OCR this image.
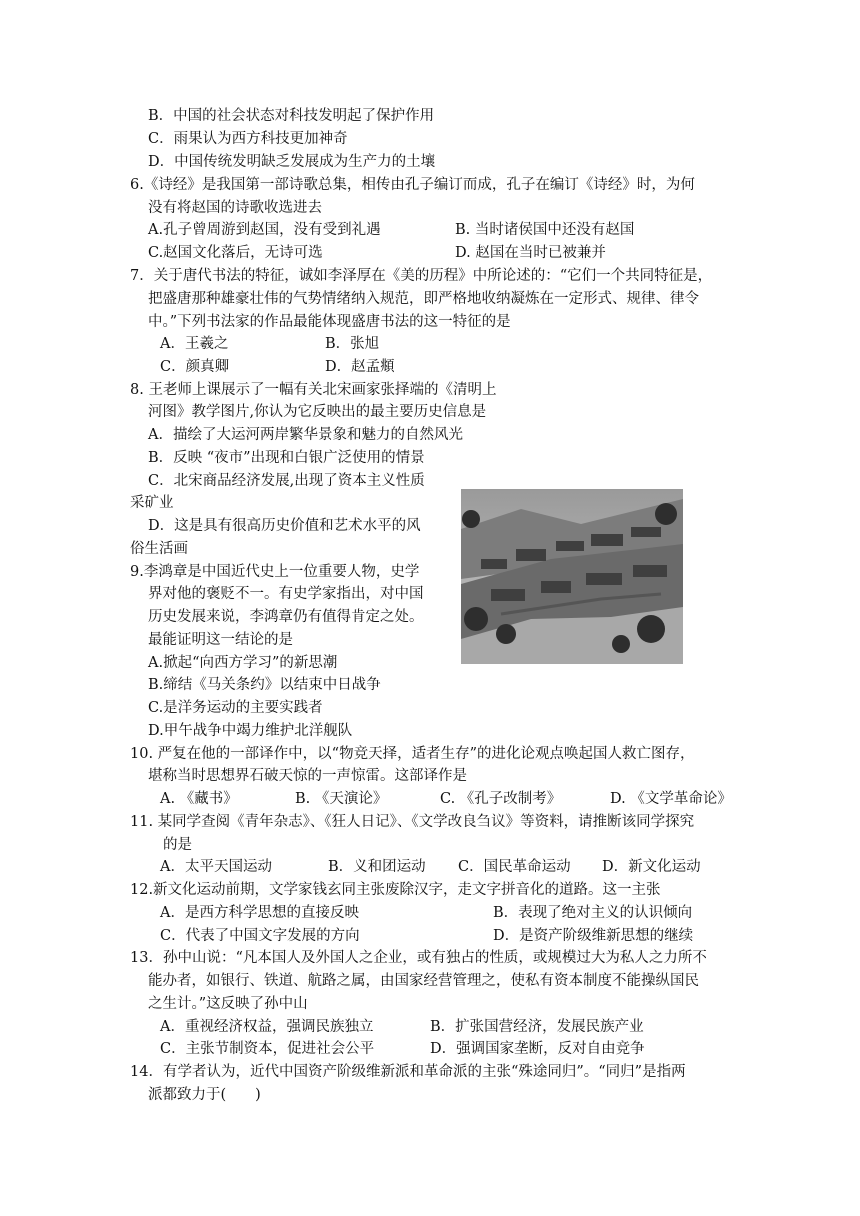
B．中国的社会状态对科技发明起了保护作用
C．雨果认为西方科技更加神奇
D．中国传统发明缺乏发展成为生产力的土壤
6.《诗经》是我国第一部诗歌总集，相传由孔子编订而成，孔子在编订《诗经》时，为何
没有将赵国的诗歌收选进去
A.孔子曾周游到赵国，没有受到礼遇	B. 当时诸侯国中还没有赵国
C.赵国文化落后，无诗可选	D. 赵国在当时已被兼并
7．关于唐代书法的特征，诚如李泽厚在《美的历程》中所论述的：“它们一个共同特征是，
把盛唐那种雄豪壮伟的气势情绪纳入规范，即严格地收纳凝炼在一定形式、规律、律令
中。”下列书法家的作品最能体现盛唐书法的这一特征的是
A．王羲之	B．张旭
C．颜真卿	D．赵孟頫
8. 王老师上课展示了一幅有关北宋画家张择端的《清明上
河图》教学图片,你认为它反映出的最主要历史信息是
A．描绘了大运河两岸繁华景象和魅力的自然风光
B．反映 “夜市”出现和白银广泛使用的情景
C．北宋商品经济发展,出现了资本主义性质
采矿业
D．这是具有很高历史价值和艺术水平的风
俗生活画
9.李鸿章是中国近代史上一位重要人物，史学
界对他的褒贬不一。有史学家指出，对中国
历史发展来说，李鸿章仍有值得肯定之处。
最能证明这一结论的是
A.掀起“向西方学习”的新思潮
B.缔结《马关条约》以结束中日战争
C.是洋务运动的主要实践者
D.甲午战争中竭力维护北洋舰队
10. 严复在他的一部译作中，以“物竞天择，适者生存”的进化论观点唤起国人救亡图存，
堪称当时思想界石破天惊的一声惊雷。这部译作是
A. 《藏书》	B. 《天演论》	C. 《孔子改制考》	D. 《文学革命论》
11. 某同学查阅《青年杂志》、《狂人日记》、《文学改良刍议》等资料，请推断该同学探究
的是
A．太平天国运动	B．义和团运动 C．国民革命运动 D．新文化运动
12.新文化运动前期，文学家钱玄同主张废除汉字，走文字拼音化的道路。这一主张
A．是西方科学思想的直接反映	B．表现了绝对主义的认识倾向
C．代表了中国文字发展的方向	D．是资产阶级维新思想的继续
13．孙中山说：“凡本国人及外国人之企业，或有独占的性质，或规模过大为私人之力所不
能办者，如银行、铁道、航路之属，由国家经营管理之，使私有资本制度不能操纵国民
之生计。”这反映了孙中山
A．重视经济权益，强调民族独立	B．扩张国营经济，发展民族产业
C．主张节制资本，促进社会公平	D．强调国家垄断，反对自由竞争
14．有学者认为，近代中国资产阶级维新派和革命派的主张“殊途同归”。“同归”是指两
派都致力于(　　)
